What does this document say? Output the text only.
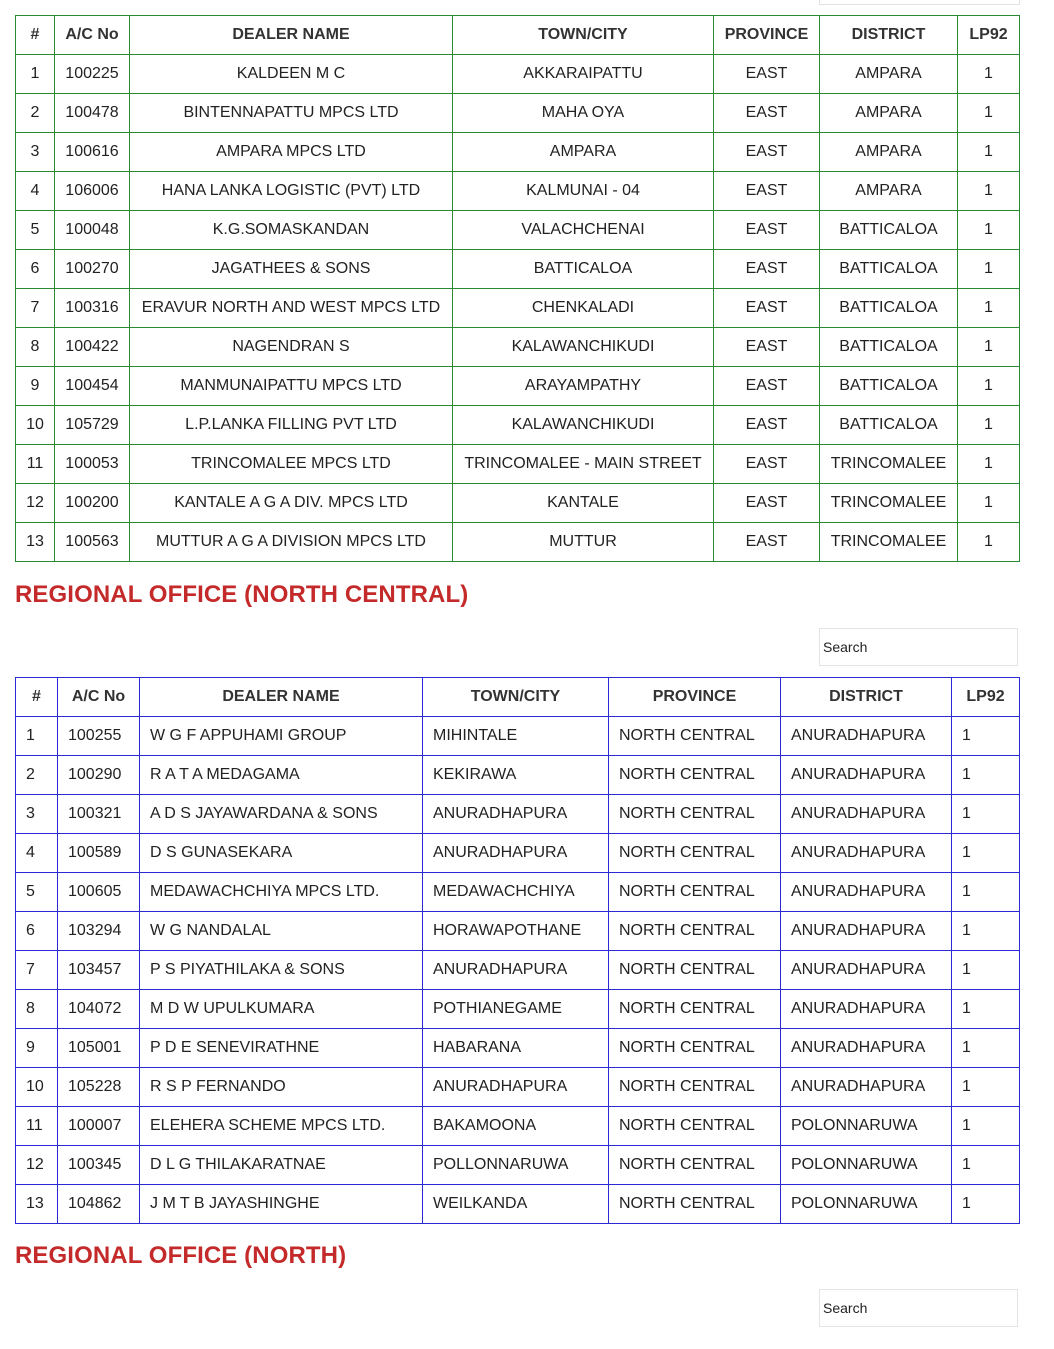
#	A/C No	DEALER NAME	TOWN/CITY	PROVINCE	DISTRICT	LP92
1	100225	KALDEEN M C	AKKARAIPATTU	EAST	AMPARA	1
2	100478	BINTENNAPATTU MPCS LTD	MAHA OYA	EAST	AMPARA	1
3	100616	AMPARA MPCS LTD	AMPARA	EAST	AMPARA	1
4	106006	HANA LANKA LOGISTIC (PVT) LTD	KALMUNAI - 04	EAST	AMPARA	1
5	100048	K.G.SOMASKANDAN	VALACHCHENAI	EAST	BATTICALOA	1
6	100270	JAGATHEES & SONS	BATTICALOA	EAST	BATTICALOA	1
7	100316	ERAVUR NORTH AND WEST MPCS LTD	CHENKALADI	EAST	BATTICALOA	1
8	100422	NAGENDRAN S	KALAWANCHIKUDI	EAST	BATTICALOA	1
9	100454	MANMUNAIPATTU MPCS LTD	ARAYAMPATHY	EAST	BATTICALOA	1
10	105729	L.P.LANKA FILLING PVT LTD	KALAWANCHIKUDI	EAST	BATTICALOA	1
11	100053	TRINCOMALEE MPCS LTD	TRINCOMALEE - MAIN STREET	EAST	TRINCOMALEE	1
12	100200	KANTALE A G A DIV. MPCS LTD	KANTALE	EAST	TRINCOMALEE	1
13	100563	MUTTUR A G A DIVISION MPCS LTD	MUTTUR	EAST	TRINCOMALEE	1
REGIONAL OFFICE (NORTH CENTRAL)
Search
#	A/C No	DEALER NAME	TOWN/CITY	PROVINCE	DISTRICT	LP92
1	100255	W G F APPUHAMI GROUP	MIHINTALE	NORTH CENTRAL	ANURADHAPURA	1
2	100290	R A T A MEDAGAMA	KEKIRAWA	NORTH CENTRAL	ANURADHAPURA	1
3	100321	A D S JAYAWARDANA & SONS	ANURADHAPURA	NORTH CENTRAL	ANURADHAPURA	1
4	100589	D S GUNASEKARA	ANURADHAPURA	NORTH CENTRAL	ANURADHAPURA	1
5	100605	MEDAWACHCHIYA MPCS LTD.	MEDAWACHCHIYA	NORTH CENTRAL	ANURADHAPURA	1
6	103294	W G NANDALAL	HORAWAPOTHANE	NORTH CENTRAL	ANURADHAPURA	1
7	103457	P S PIYATHILAKA & SONS	ANURADHAPURA	NORTH CENTRAL	ANURADHAPURA	1
8	104072	M D W UPULKUMARA	POTHIANEGAME	NORTH CENTRAL	ANURADHAPURA	1
9	105001	P D E SENEVIRATHNE	HABARANA	NORTH CENTRAL	ANURADHAPURA	1
10	105228	R S P FERNANDO	ANURADHAPURA	NORTH CENTRAL	ANURADHAPURA	1
11	100007	ELEHERA SCHEME MPCS LTD.	BAKAMOONA	NORTH CENTRAL	POLONNARUWA	1
12	100345	D L G THILAKARATNAE	POLLONNARUWA	NORTH CENTRAL	POLONNARUWA	1
13	104862	J M T B JAYASHINGHE	WEILKANDA	NORTH CENTRAL	POLONNARUWA	1
REGIONAL OFFICE (NORTH)
Search
